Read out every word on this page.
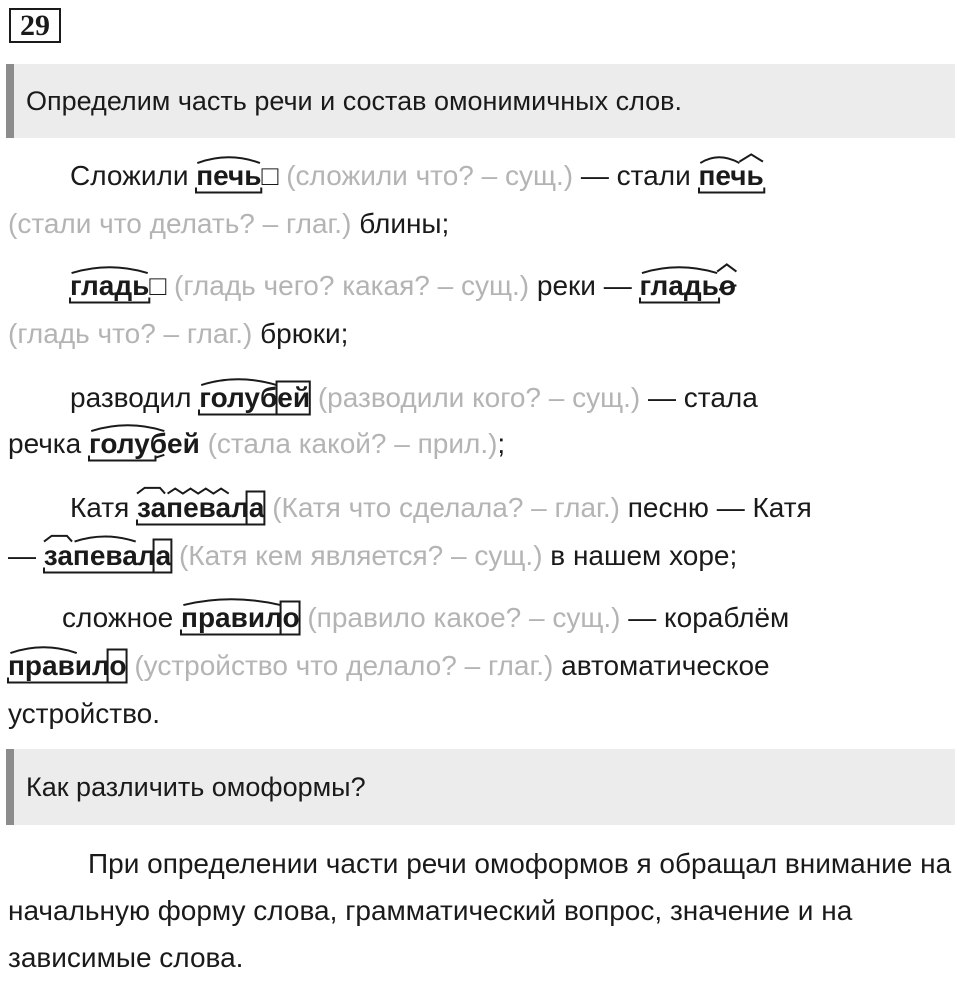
29
Определим часть речи и состав омонимичных слов.
Сложили печь
□ (сложили что? – сущ.) — стали печь
(стали что делать? – глаг.) блины;
гладь
□ (гладь чего? какая? – сущ.) реки — гладьо
(гладь что? – глаг.) брюки;
разводил голубей
(разводили кого? – сущ.) — стала
речка голубей
(стала какой? – прил.);
Катя запевала
(Катя что сделала? – глаг.) песню — Катя
— запевала
(Катя кем является? – сущ.) в нашем хоре;
сложное правило
(правило какое? – сущ.) — кораблём
правило
(устройство что делало? – глаг.) автоматическое
устройство.
Как различить омоформы?
При определении части речи омоформов я обращал внимание на начальную форму слова, грамматический вопрос, значение и на зависимые слова.
